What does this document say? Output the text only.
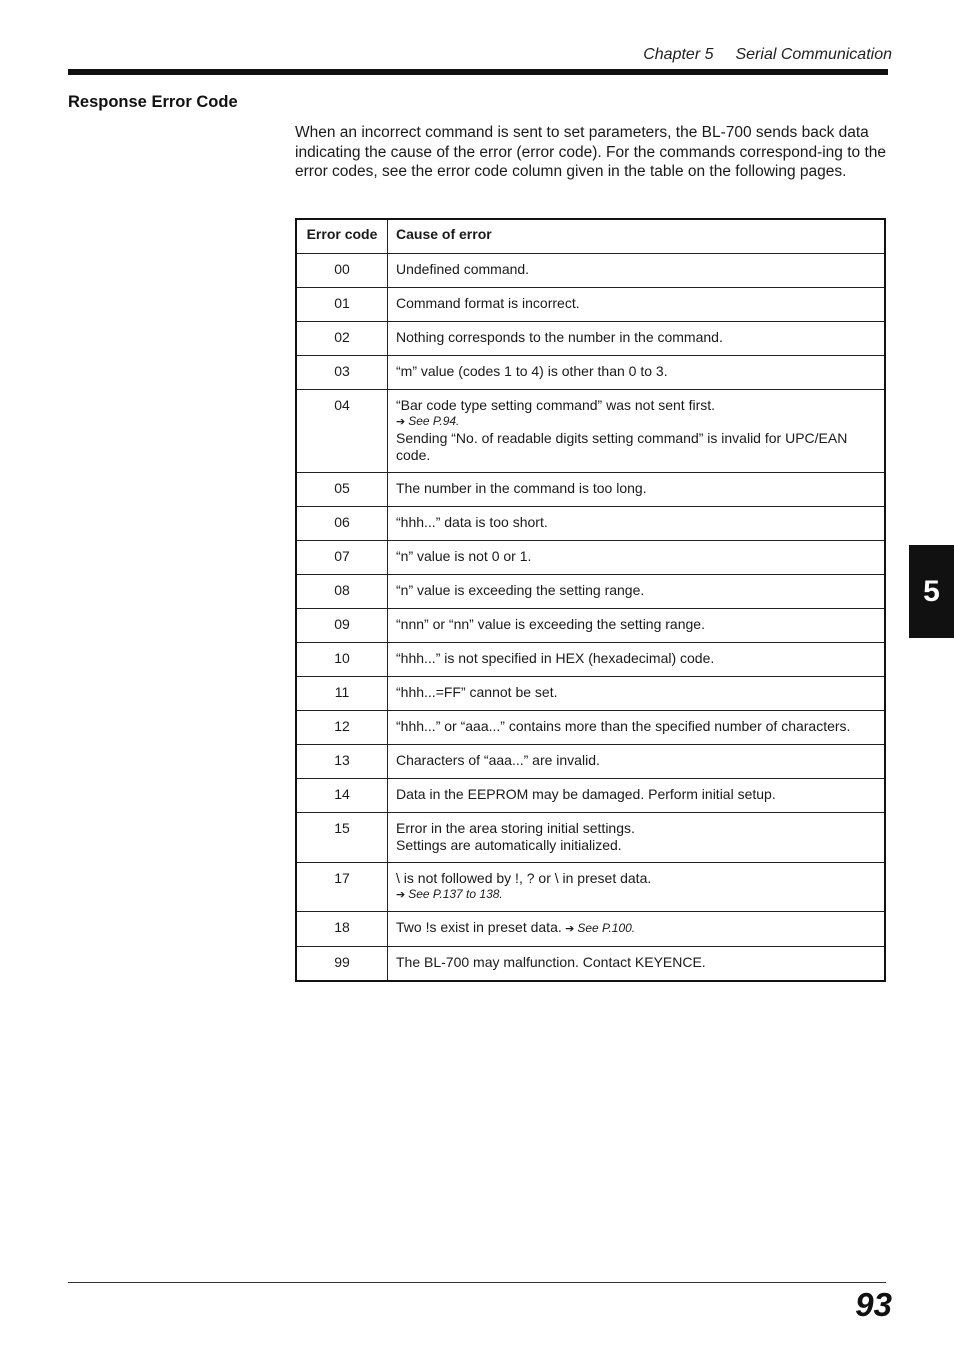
Chapter 5 Serial Communication
Response Error Code

When an incorrect command is sent to set parameters, the BL-700 sends back data indicating the cause of the error (error code). For the commands correspond-ing to the error codes, see the error code column given in the table on the following pages.

Error code	Cause of error
00	Undefined command.
01	Command format is incorrect.
02	Nothing corresponds to the number in the command.
03	“m” value (codes 1 to 4) is other than 0 to 3.
04	“Bar code type setting command” was not sent first.
➔ See P.94.
Sending “No. of readable digits setting command” is invalid for UPC/EAN code.
05	The number in the command is too long.
06	“hhh...” data is too short.
07	“n” value is not 0 or 1.
08	“n” value is exceeding the setting range.
09	“nnn” or “nn” value is exceeding the setting range.
10	“hhh...” is not specified in HEX (hexadecimal) code.
11	“hhh...=FF” cannot be set.
12	“hhh...” or “aaa...” contains more than the specified number of characters.
13	Characters of “aaa...” are invalid.
14	Data in the EEPROM may be damaged. Perform initial setup.
15	Error in the area storing initial settings.
Settings are automatically initialized.
17	\ is not followed by !, ? or \ in preset data.
➔ See P.137 to 138.

18	Two !s exist in preset data. ➔ See P.100.
99	The BL-700 may malfunction. Contact KEYENCE.
5
93
